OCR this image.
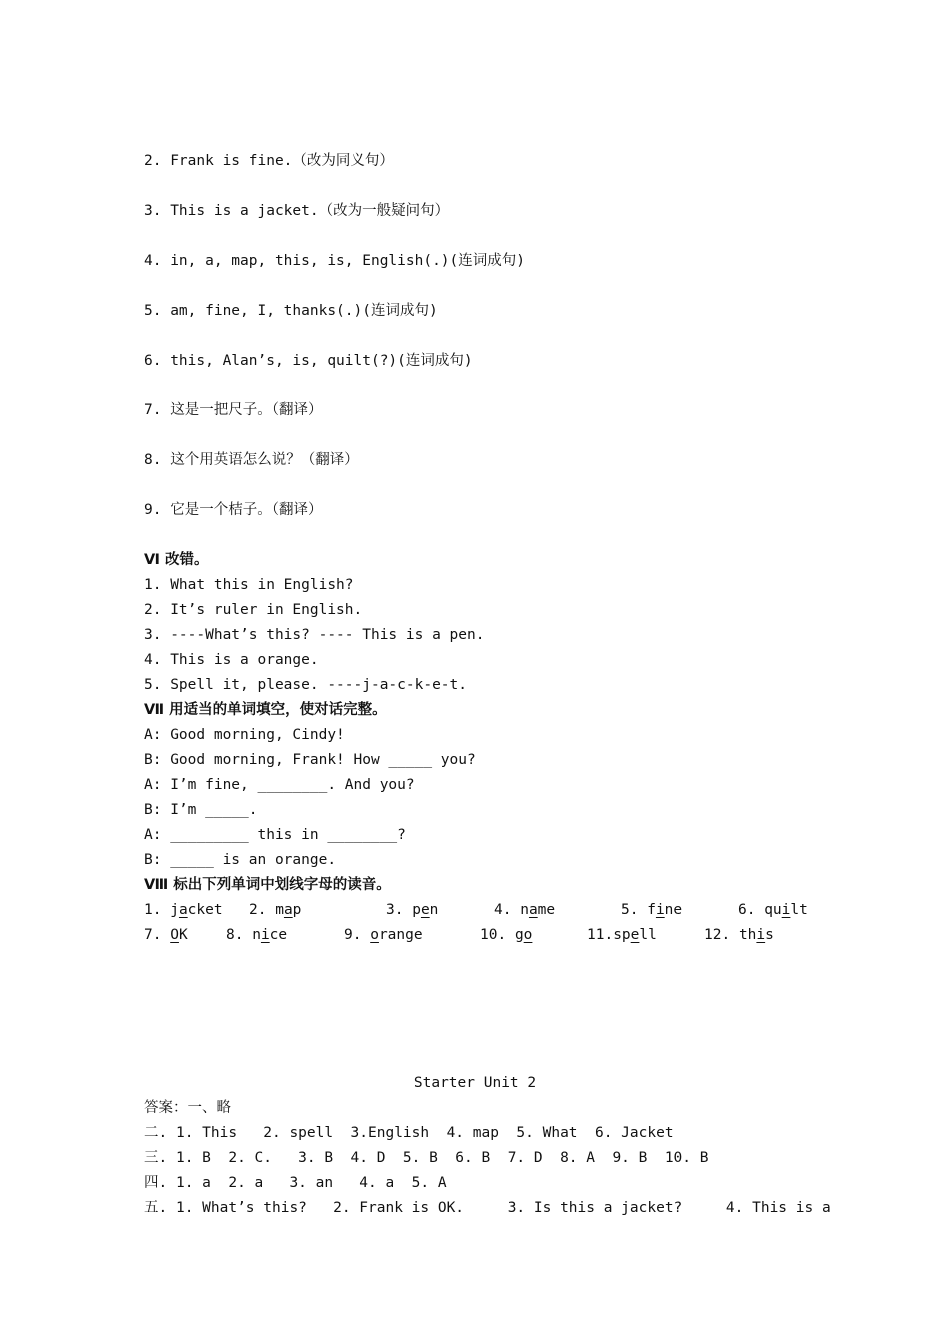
2. Frank is fine.（改为同义句）
3. This is a jacket.（改为一般疑问句）
4. in, a, map, this, is, English(.)(连词成句)
5. am, fine, I, thanks(.)(连词成句)
6. this, Alan’s, is, quilt(?)(连词成句)
7. 这是一把尺子。（翻译）
8. 这个用英语怎么说？（翻译）
9. 它是一个桔子。（翻译）
Ⅵ 改错。
1. What this in English?
2. It’s ruler in English.
3. ----What’s this? ---- This is a pen.
4. This is a orange.
5. Spell it, please. ----j-a-c-k-e-t.
Ⅶ 用适当的单词填空，使对话完整。
A: Good morning, Cindy!
B: Good morning, Frank! How _____ you?
A: I’m fine, ________. And you?
B: I’m _____.
A: _________ this in ________?
B: _____ is an orange.
Ⅷ 标出下列单词中划线字母的读音。

1. jacket

2. map

	3. pen

	4. name

	5. fine

	6. quilt

7. OK

	8. nice

	9. orange

	10. go

	11.spell

	12. this

Starter Unit 2
答案：一、略
二. 1. This   2. spell  3.English  4. map  5. What  6. Jacket
三. 1. B  2. C.   3. B  4. D  5. B  6. B  7. D  8. A  9. B  10. B
四. 1. a  2. a   3. an   4. a  5. A
五. 1. What’s this?   2. Frank is OK.     3. Is this a jacket?     4. This is a
